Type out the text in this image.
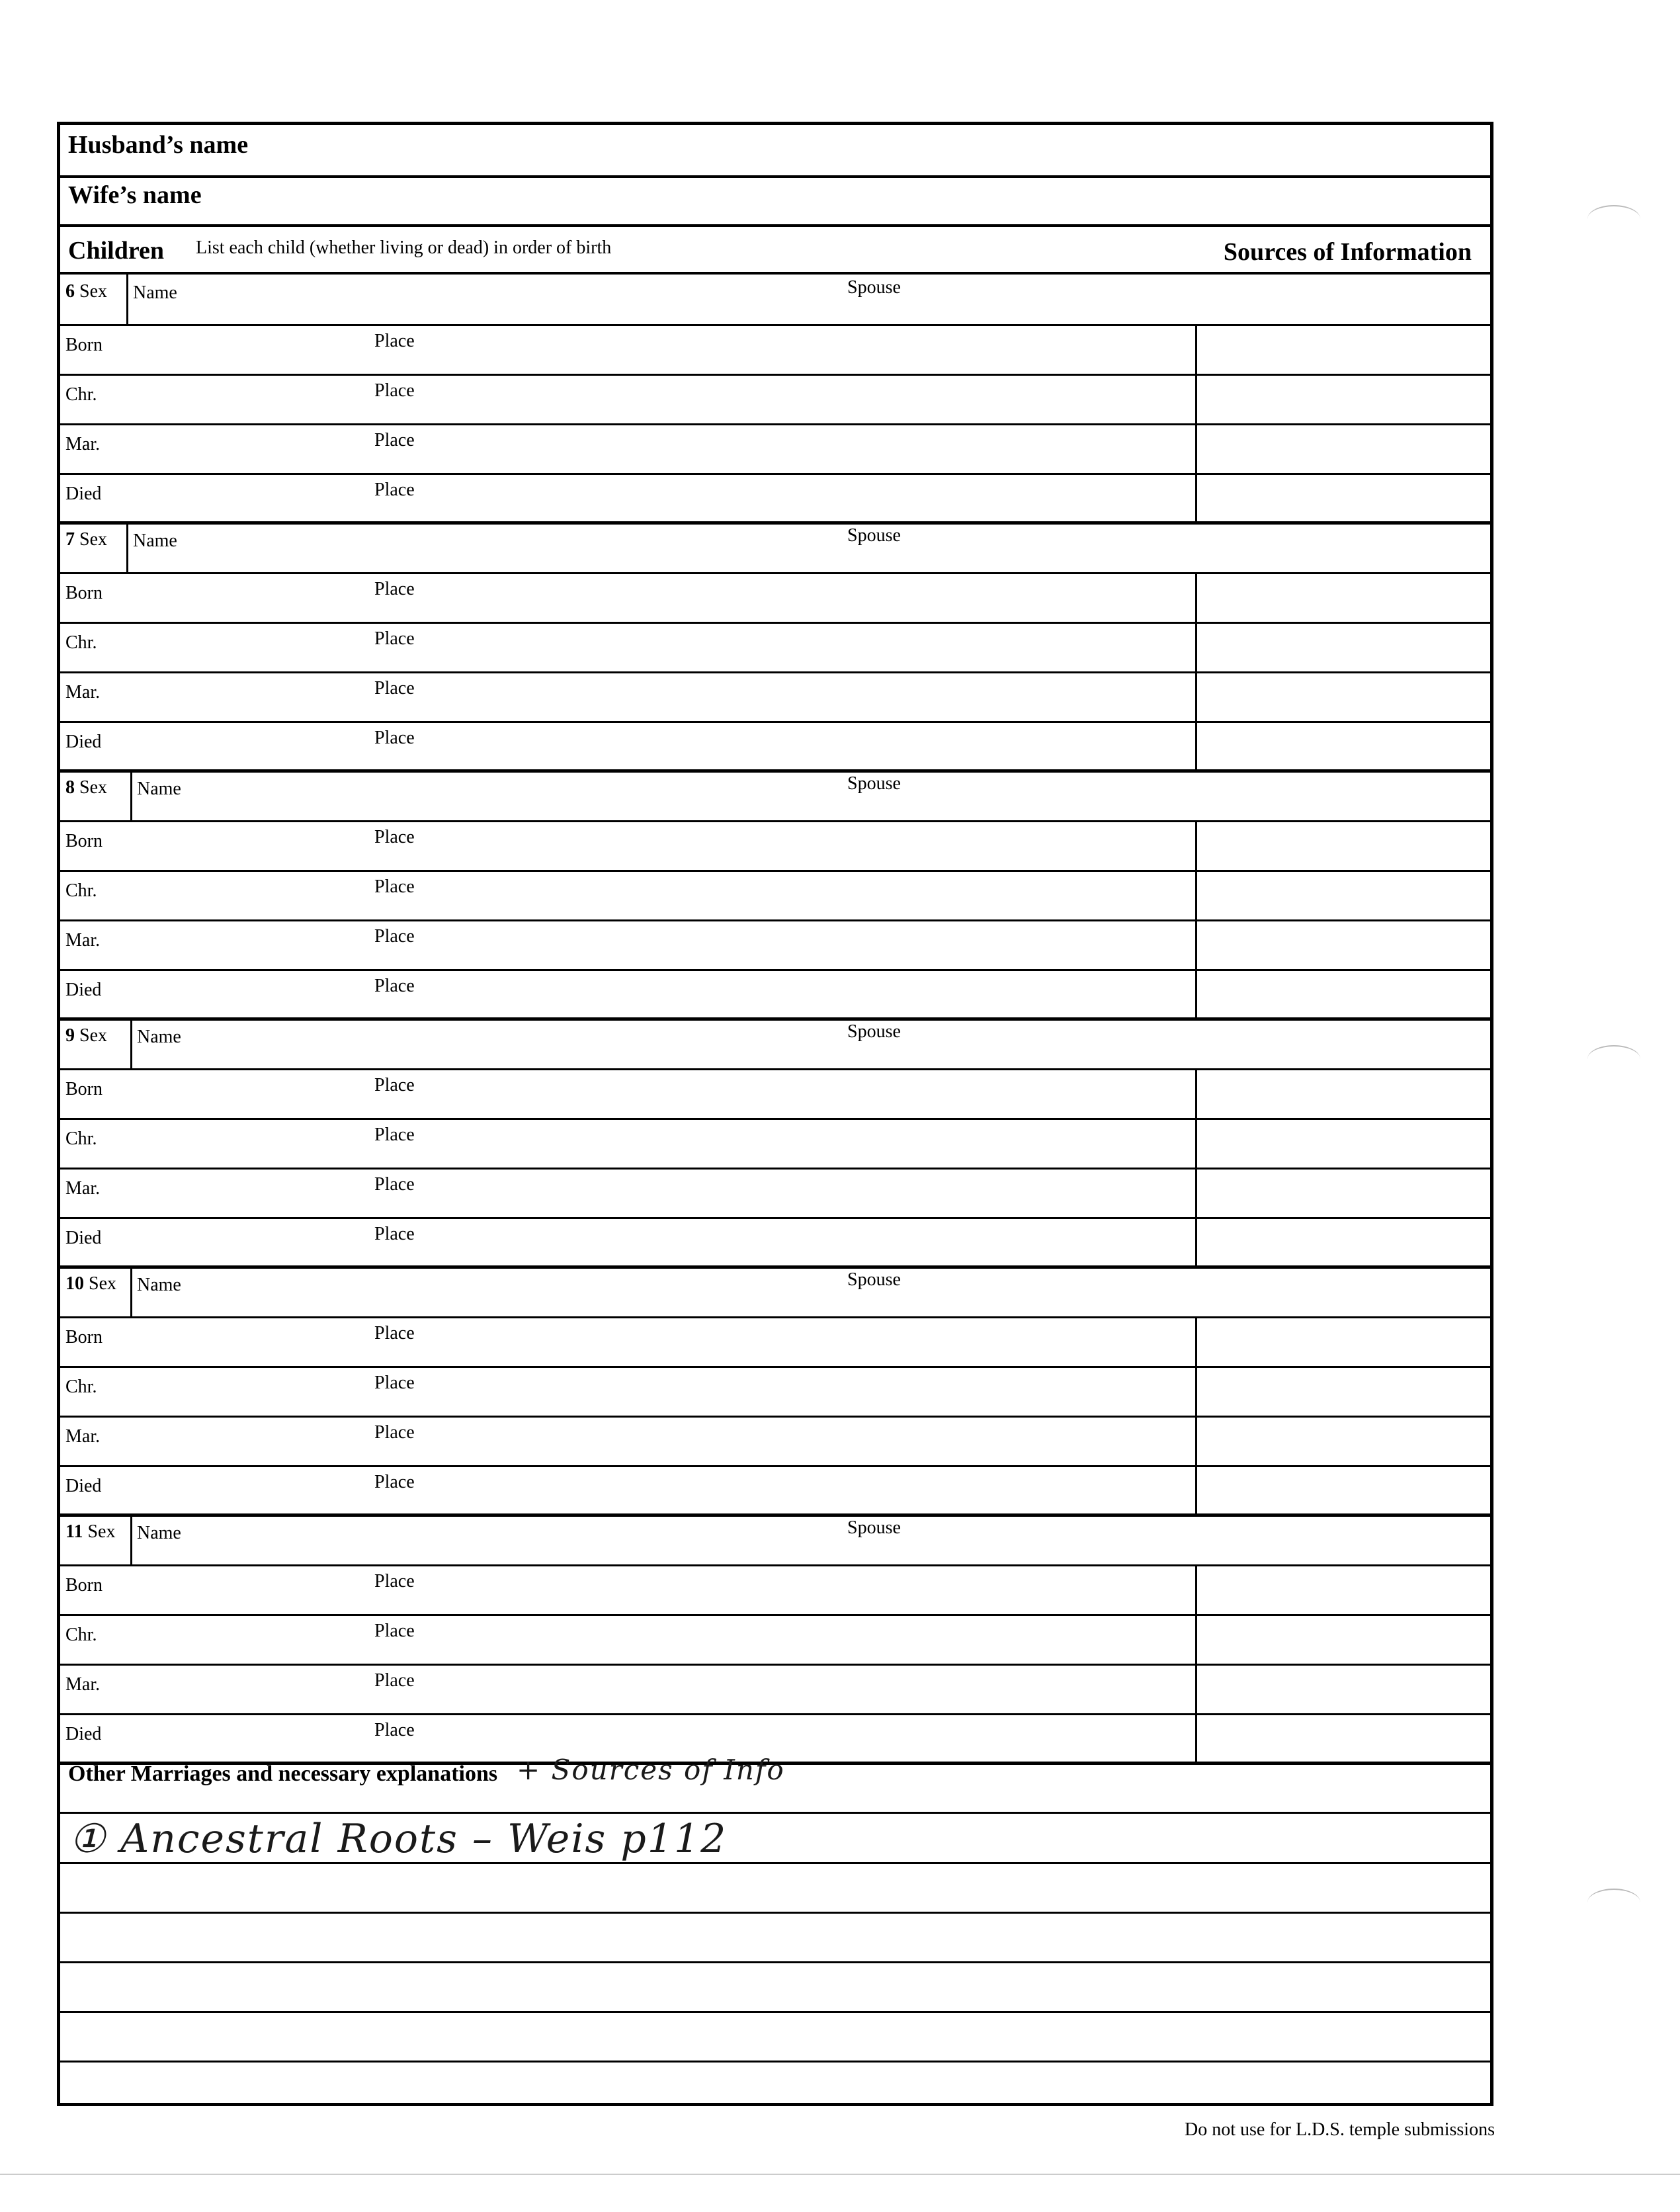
Husband’s name
Wife’s name
Children List each child (whether living or dead) in order of birth	Sources of Information
6 Sex Name	Spouse
Born	Place
Chr.	Place
Mar.	Place
Died	Place
7 Sex Name	Spouse
Born	Place
Chr.	Place
Mar.	Place
Died	Place
8 Sex Name	Spouse
Born	Place
Chr.	Place
Mar.	Place
Died	Place
9 Sex Name	Spouse
Born	Place
Chr.	Place
Mar.	Place
Died	Place
10 Sex Name	Spouse
Born	Place
Chr.	Place
Mar.	Place
Died	Place
11 Sex Name	Spouse
Born	Place
Chr.	Place
Mar.	Place
Died	Place
Other Marriages and necessary explanations + Sources of Info
① Ancestral Roots – Weis p112
Do not use for L.D.S. temple submissions
